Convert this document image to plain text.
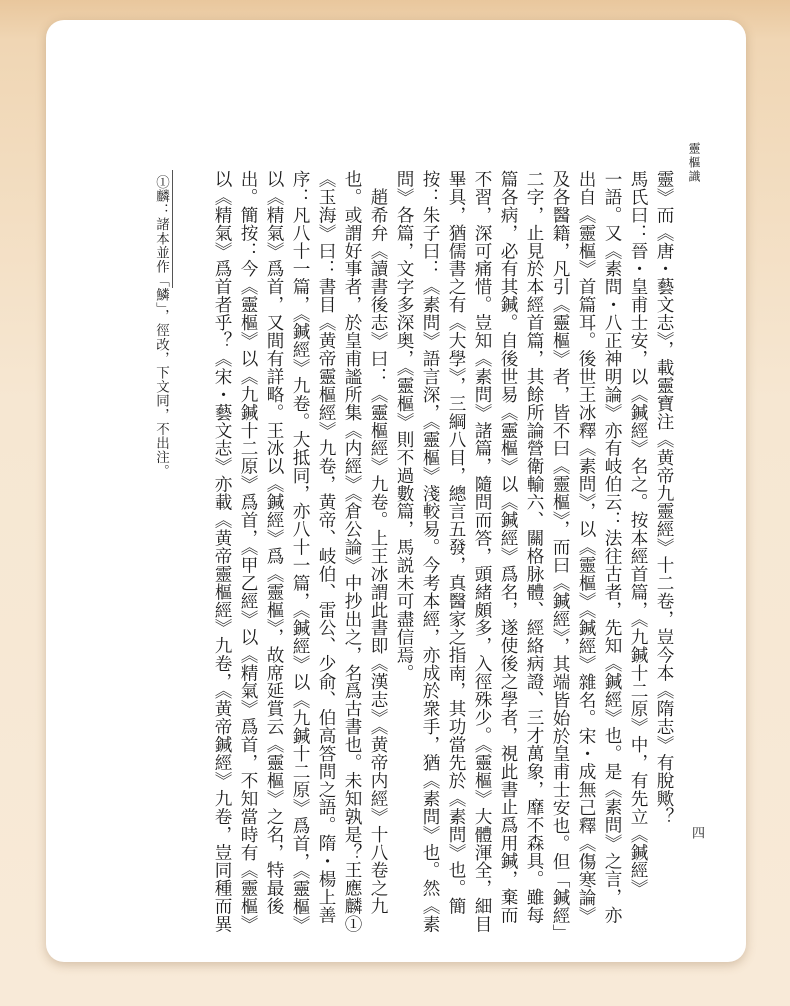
靈樞識
靈》而《唐・藝文志》，載靈寶注《黄帝九靈經》十二卷，豈今本《隋志》有脫歟？
馬氏曰：晉・皇甫士安，以《鍼經》名之。按本經首篇，《九鍼十二原》中，有先立《鍼經》
一語。又《素問・八正神明論》亦有岐伯云：法往古者，先知《鍼經》也。是《素問》之言，亦
出自《靈樞》首篇耳。後世王冰釋《素問》，以《靈樞》《鍼經》雜名。宋・成無己釋《傷寒論》
及各醫籍，凡引《靈樞》者，皆不曰《靈樞》，而曰《鍼經》，其端皆始於皇甫士安也。但「鍼經」
二字，止見於本經首篇，其餘所論營衛輸六、關格脉體、經絡病證、三才萬象，靡不森具。雖每
篇各病，必有其鍼。自後世易《靈樞》以《鍼經》爲名，遂使後之學者，視此書止爲用鍼，棄而
不習，深可痛惜。豈知《素問》諸篇，隨問而答，頭緒頗多，入徑殊少。《靈樞》大體渾全，細目
畢具，猶儒書之有《大學》，三綱八目，總言五發，真醫家之指南，其功當先於《素問》也。簡
按：朱子曰：《素問》語言深，《靈樞》淺較易。今考本經，亦成於衆手，猶《素問》也。然《素
問》各篇，文字多深奥，《靈樞》則不過數篇，馬説未可盡信焉。
　趙希弁《讀書後志》曰：《靈樞經》九卷。上王冰謂此書即《漢志》《黄帝内經》十八卷之九
也。或謂好事者，於皇甫謐所集《内經》《倉公論》中抄出之，名爲古書也。未知孰是？王應麟①
《玉海》曰：書目《黄帝靈樞經》九卷，黄帝、岐伯、雷公、少俞、伯高答問之語。隋・楊上善
序：凡八十一篇，《鍼經》九卷。大抵同，亦八十一篇，《鍼經》以《九鍼十二原》爲首，《靈樞》
以《精氣》爲首，又間有詳略。王冰以《鍼經》爲《靈樞》，故席延賞云《靈樞》之名，特最後
出。簡按：今《靈樞》以《九鍼十二原》爲首，《甲乙經》以《精氣》爲首，不知當時有《靈樞》
以《精氣》爲首者乎？《宋・藝文志》亦載《黄帝靈樞經》九卷，《黄帝鍼經》九卷，豈同種而異
①麟：諸本並作「鱗」，徑改，下文同，不出注。
四
